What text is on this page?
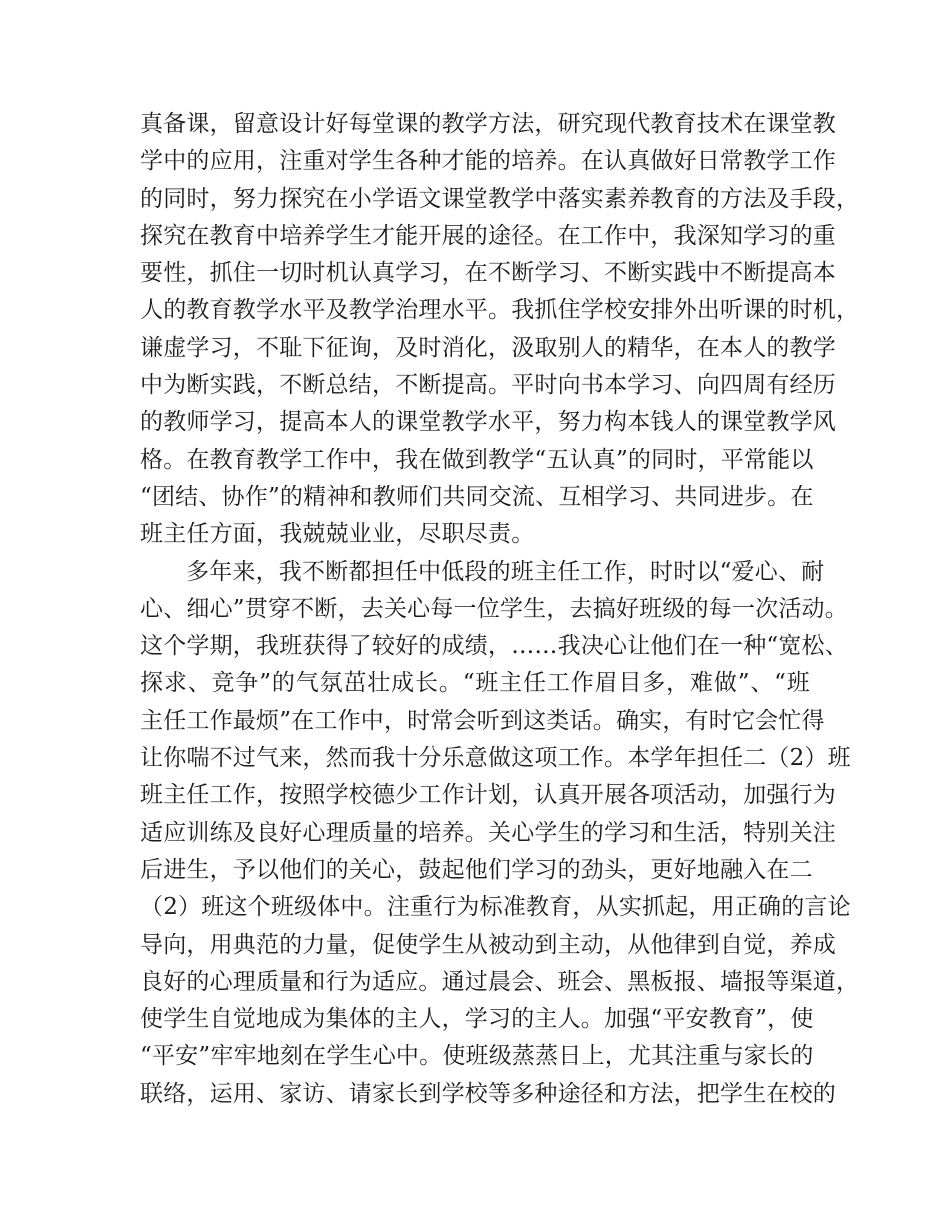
真备课，留意设计好每堂课的教学方法，研究现代教育技术在课堂教
学中的应用，注重对学生各种才能的培养。在认真做好日常教学工作
的同时，努力探究在小学语文课堂教学中落实素养教育的方法及手段，
探究在教育中培养学生才能开展的途径。在工作中，我深知学习的重
要性，抓住一切时机认真学习，在不断学习、不断实践中不断提高本
人的教育教学水平及教学治理水平。我抓住学校安排外出听课的时机，
谦虚学习，不耻下征询，及时消化，汲取别人的精华，在本人的教学
中为断实践，不断总结，不断提高。平时向书本学习、向四周有经历
的教师学习，提高本人的课堂教学水平，努力构本钱人的课堂教学风
格。在教育教学工作中，我在做到教学“五认真”的同时，平常能以
“团结、协作”的精神和教师们共同交流、互相学习、共同进步。在
班主任方面，我兢兢业业，尽职尽责。
多年来，我不断都担任中低段的班主任工作，时时以“爱心、耐
心、细心”贯穿不断，去关心每一位学生，去搞好班级的每一次活动。
这个学期，我班获得了较好的成绩，……我决心让他们在一种“宽松、
探求、竞争”的气氛茁壮成长。“班主任工作眉目多，难做”、“班
主任工作最烦”在工作中，时常会听到这类话。确实，有时它会忙得
让你喘不过气来，然而我十分乐意做这项工作。本学年担任二（2）班
班主任工作，按照学校德少工作计划，认真开展各项活动，加强行为
适应训练及良好心理质量的培养。关心学生的学习和生活，特别关注
后进生，予以他们的关心，鼓起他们学习的劲头，更好地融入在二
（2）班这个班级体中。注重行为标准教育，从实抓起，用正确的言论
导向，用典范的力量，促使学生从被动到主动，从他律到自觉，养成
良好的心理质量和行为适应。通过晨会、班会、黑板报、墙报等渠道，
使学生自觉地成为集体的主人，学习的主人。加强“平安教育”，使
“平安”牢牢地刻在学生心中。使班级蒸蒸日上，尤其注重与家长的
联络，运用、家访、请家长到学校等多种途径和方法，把学生在校的
